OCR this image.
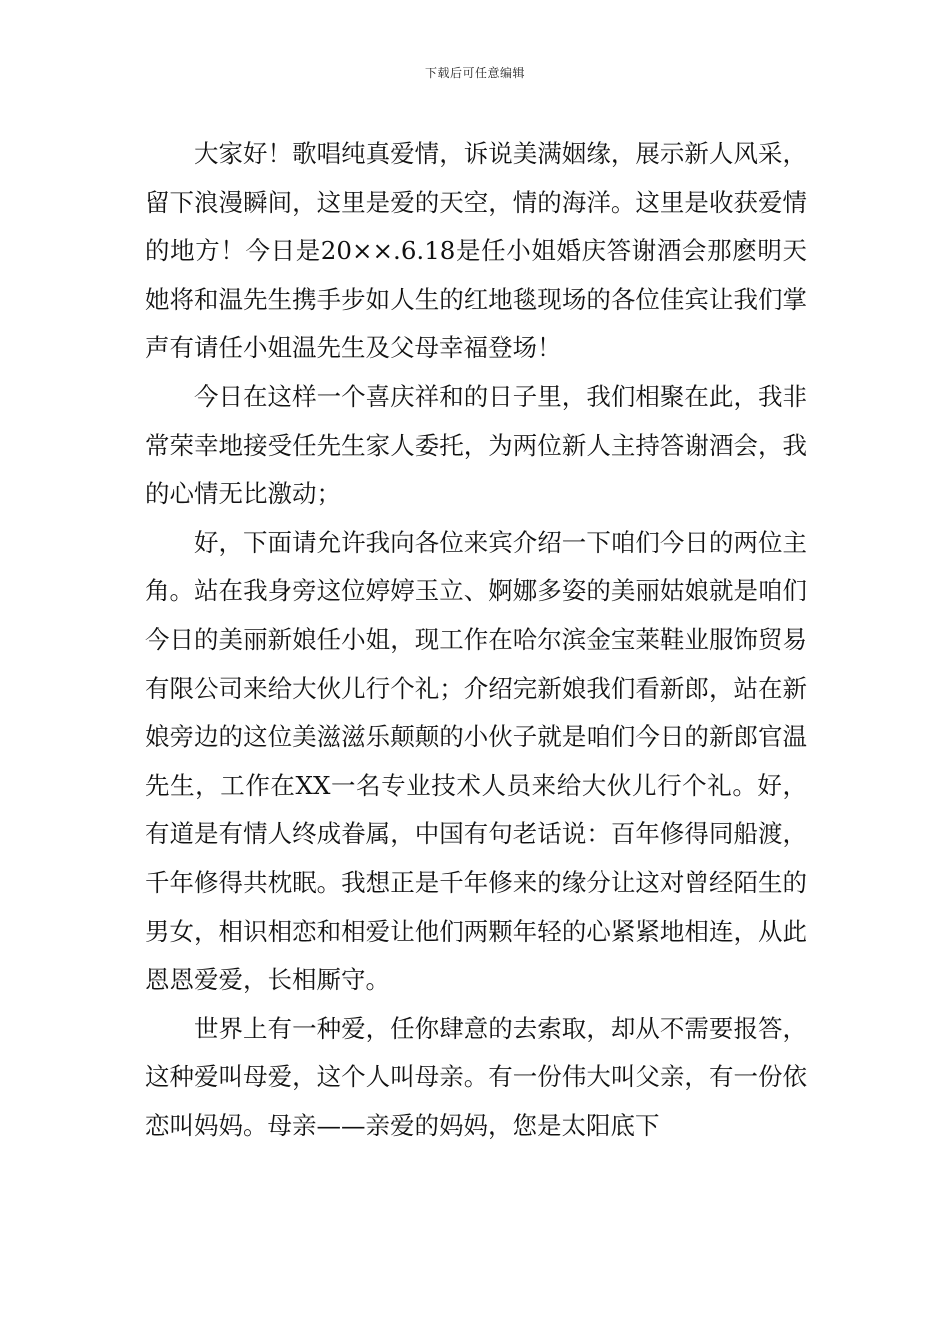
下载后可任意编辑

大家好！歌唱纯真爱情，诉说美满姻缘，展示新人风采，留下浪漫瞬间，这里是爱的天空，情的海洋。这里是收获爱情的地方！今日是20××.6.18是任小姐婚庆答谢酒会那麽明天她将和温先生携手步如人生的红地毯现场的各位佳宾让我们掌声有请任小姐温先生及父母幸福登场！

今日在这样一个喜庆祥和的日子里，我们相聚在此，我非常荣幸地接受任先生家人委托，为两位新人主持答谢酒会，我的心情无比激动；

好，下面请允许我向各位来宾介绍一下咱们今日的两位主角。站在我身旁这位婷婷玉立、婀娜多姿的美丽姑娘就是咱们今日的美丽新娘任小姐，现工作在哈尔滨金宝莱鞋业服饰贸易有限公司来给大伙儿行个礼；介绍完新娘我们看新郎，站在新娘旁边的这位美滋滋乐颠颠的小伙子就是咱们今日的新郎官温先生，工作在XX一名专业技术人员来给大伙儿行个礼。好，有道是有情人终成眷属，中国有句老话说：百年修得同船渡，千年修得共枕眠。我想正是千年修来的缘分让这对曾经陌生的男女，相识相恋和相爱让他们两颗年轻的心紧紧地相连，从此恩恩爱爱，长相厮守。

世界上有一种爱，任你肆意的去索取，却从不需要报答，这种爱叫母爱，这个人叫母亲。有一份伟大叫父亲，有一份依恋叫妈妈。母亲——亲爱的妈妈，您是太阳底下
